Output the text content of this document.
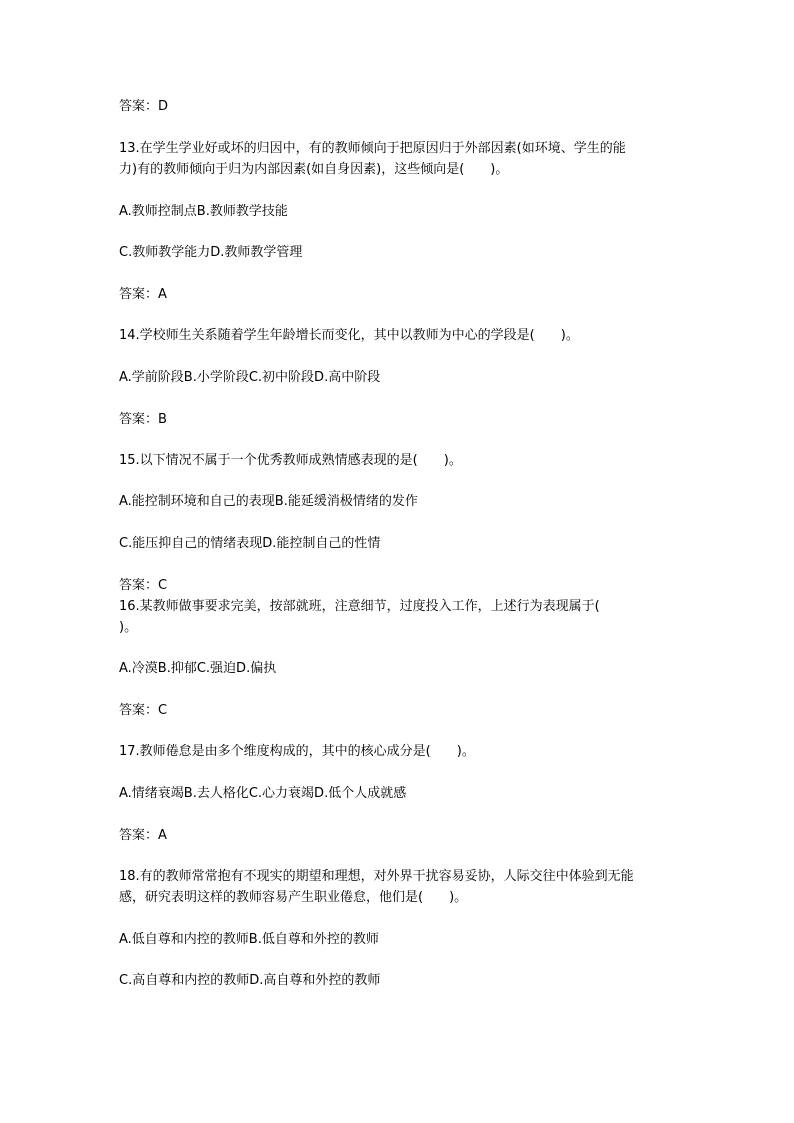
答案：D
13.在学生学业好或坏的归因中，有的教师倾向于把原因归于外部因素(如环境、学生的能
力)有的教师倾向于归为内部因素(如自身因素)，这些倾向是(　　)。
A.教师控制点B.教师教学技能
C.教师教学能力D.教师教学管理
答案：A
14.学校师生关系随着学生年龄增长而变化，其中以教师为中心的学段是(　　)。
A.学前阶段B.小学阶段C.初中阶段D.高中阶段
答案：B
15.以下情况不属于一个优秀教师成熟情感表现的是(　　)。
A.能控制环境和自己的表现B.能延缓消极情绪的发作
C.能压抑自己的情绪表现D.能控制自己的性情
答案：C
16.某教师做事要求完美，按部就班，注意细节，过度投入工作，上述行为表现属于(
)。
A.冷漠B.抑郁C.强迫D.偏执
答案：C
17.教师倦怠是由多个维度构成的，其中的核心成分是(　　)。
A.情绪衰竭B.去人格化C.心力衰竭D.低个人成就感
答案：A
18.有的教师常常抱有不现实的期望和理想，对外界干扰容易妥协，人际交往中体验到无能
感，研究表明这样的教师容易产生职业倦怠，他们是(　　)。
A.低自尊和内控的教师B.低自尊和外控的教师
C.高自尊和内控的教师D.高自尊和外控的教师
